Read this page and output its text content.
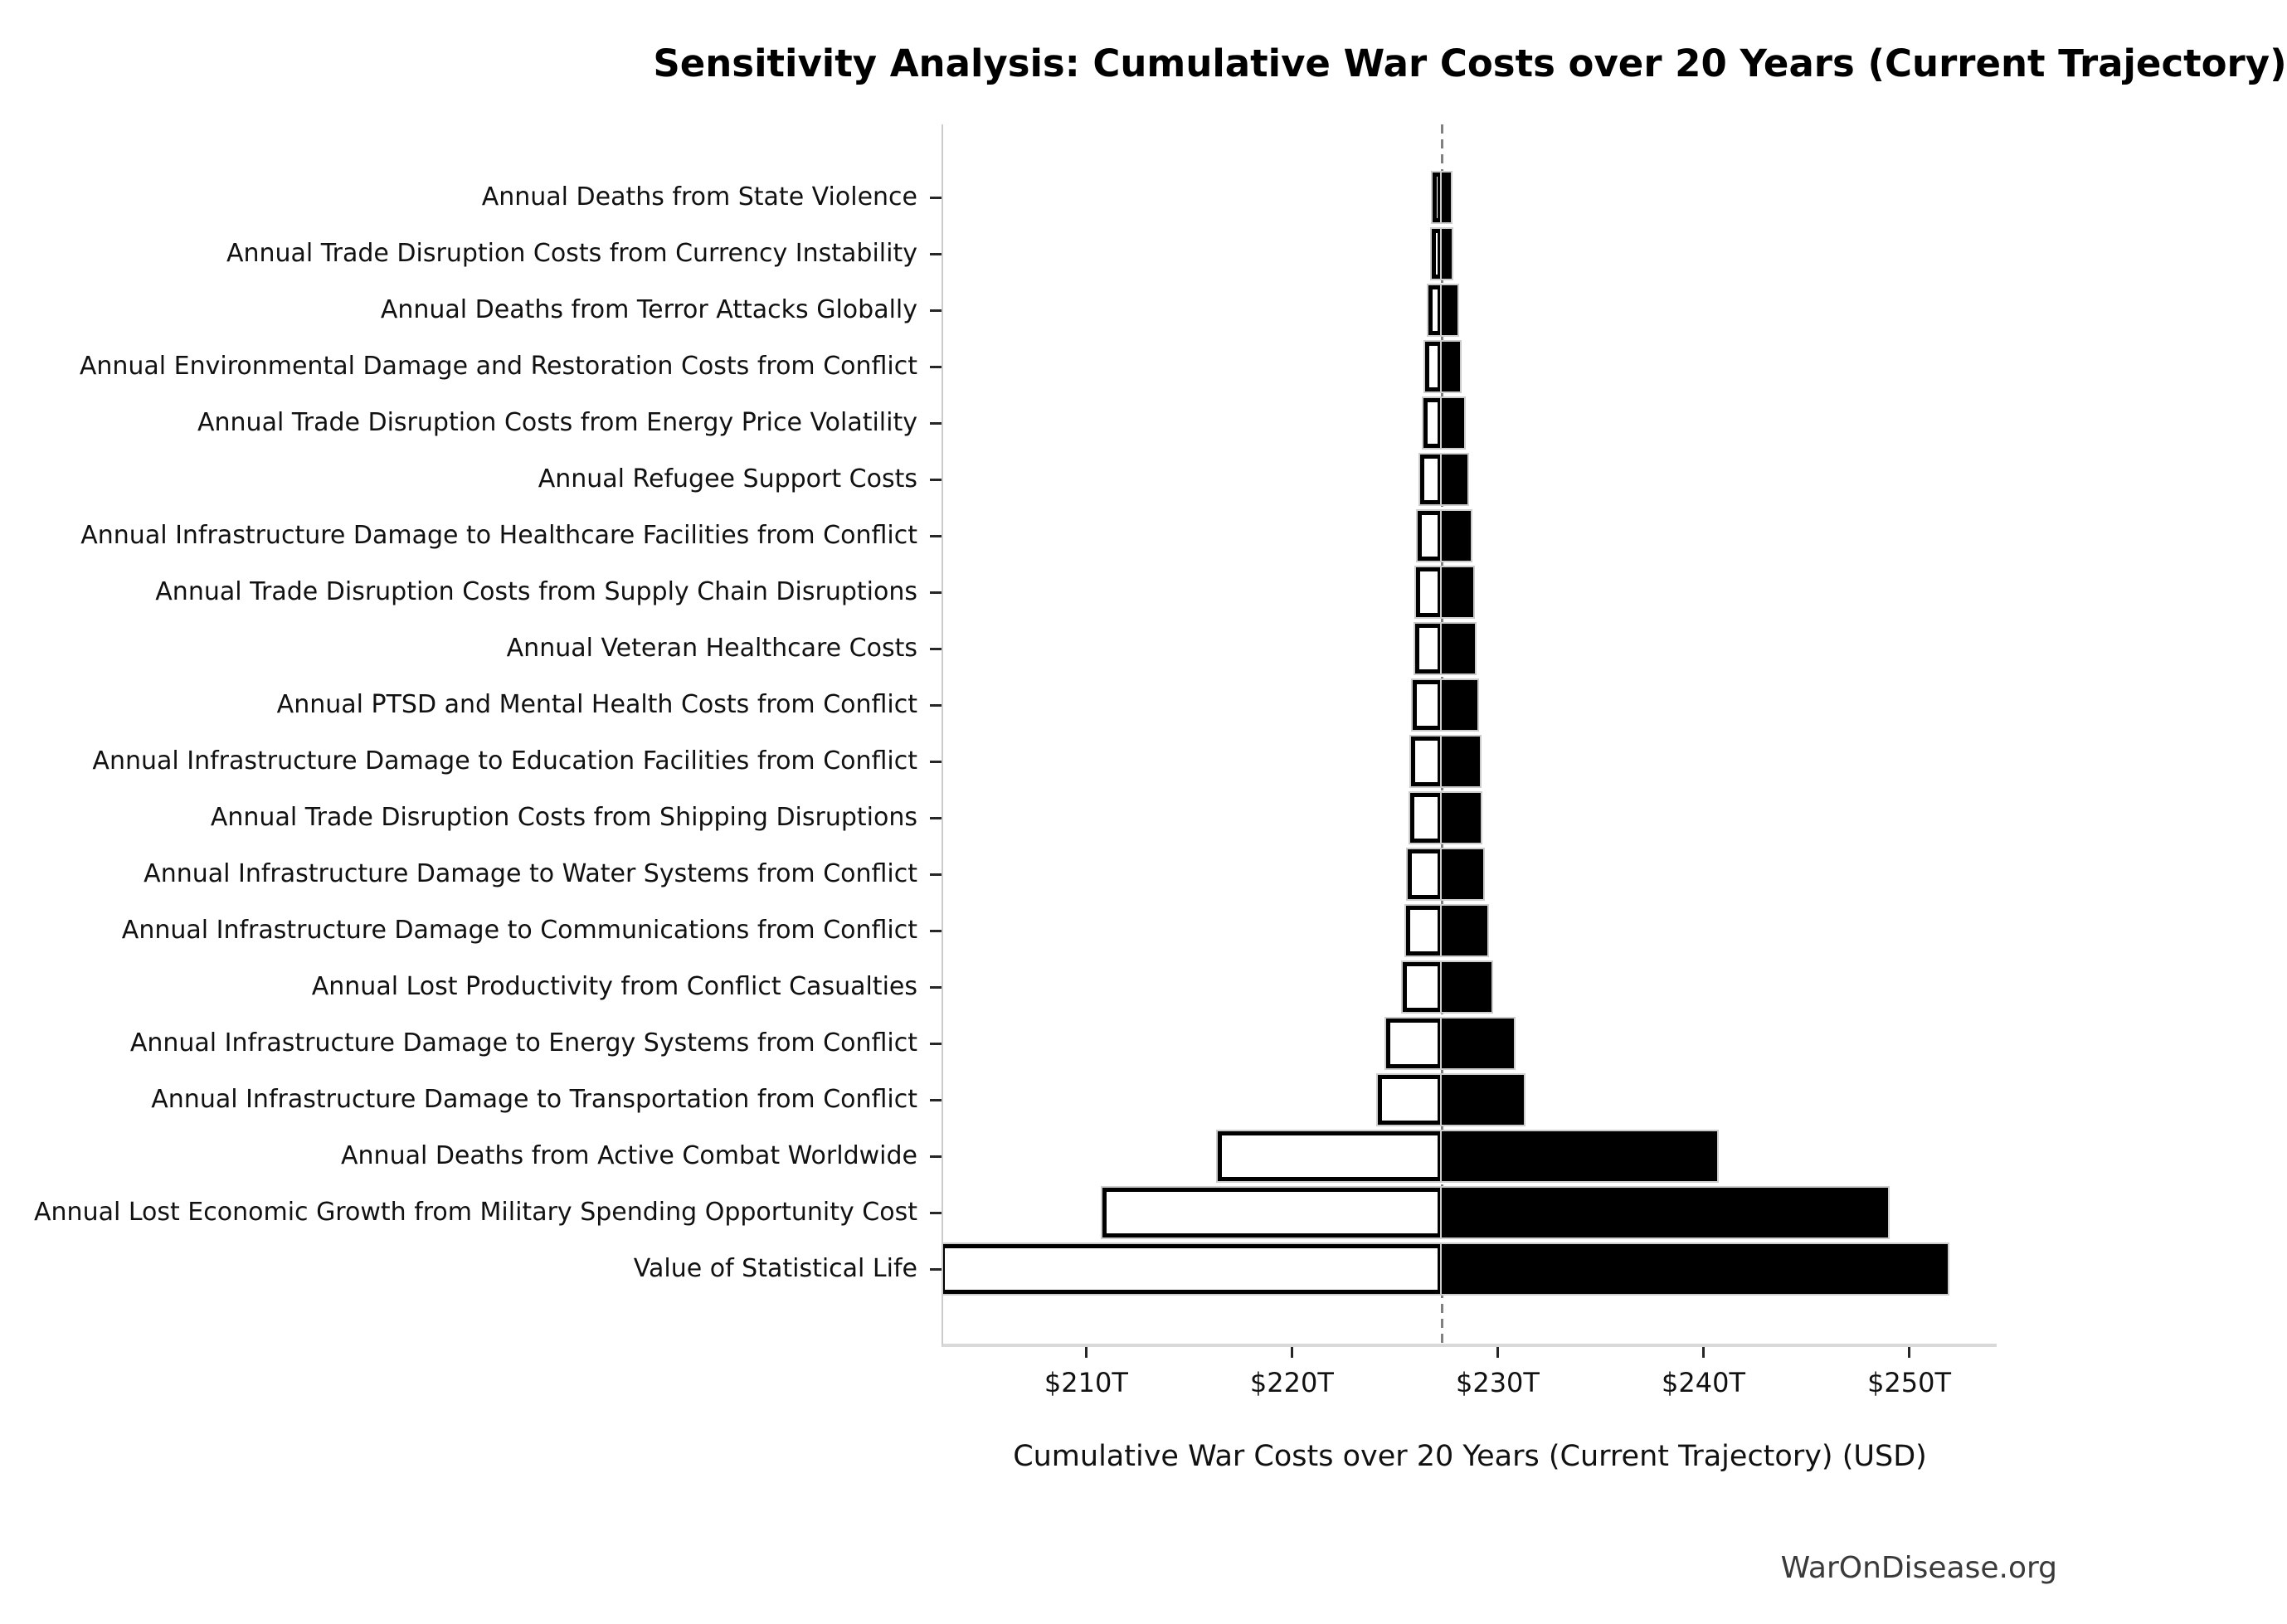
Sensitivity Analysis: Cumulative War Costs over 20 Years (Current Trajectory)
Annual Deaths from State Violence
Annual Trade Disruption Costs from Currency Instability
Annual Deaths from Terror Attacks Globally
Annual Environmental Damage and Restoration Costs from Conflict
Annual Trade Disruption Costs from Energy Price Volatility
Annual Refugee Support Costs
Annual Infrastructure Damage to Healthcare Facilities from Conflict
Annual Trade Disruption Costs from Supply Chain Disruptions
Annual Veteran Healthcare Costs
Annual PTSD and Mental Health Costs from Conflict
Annual Infrastructure Damage to Education Facilities from Conflict
Annual Trade Disruption Costs from Shipping Disruptions
Annual Infrastructure Damage to Water Systems from Conflict
Annual Infrastructure Damage to Communications from Conflict
Annual Lost Productivity from Conflict Casualties
Annual Infrastructure Damage to Energy Systems from Conflict
Annual Infrastructure Damage to Transportation from Conflict
Annual Deaths from Active Combat Worldwide
Annual Lost Economic Growth from Military Spending Opportunity Cost
Value of Statistical Life
$210T	$220T	$230T	$240T	$250T
Cumulative War Costs over 20 Years (Current Trajectory) (USD)
WarOnDisease.org
